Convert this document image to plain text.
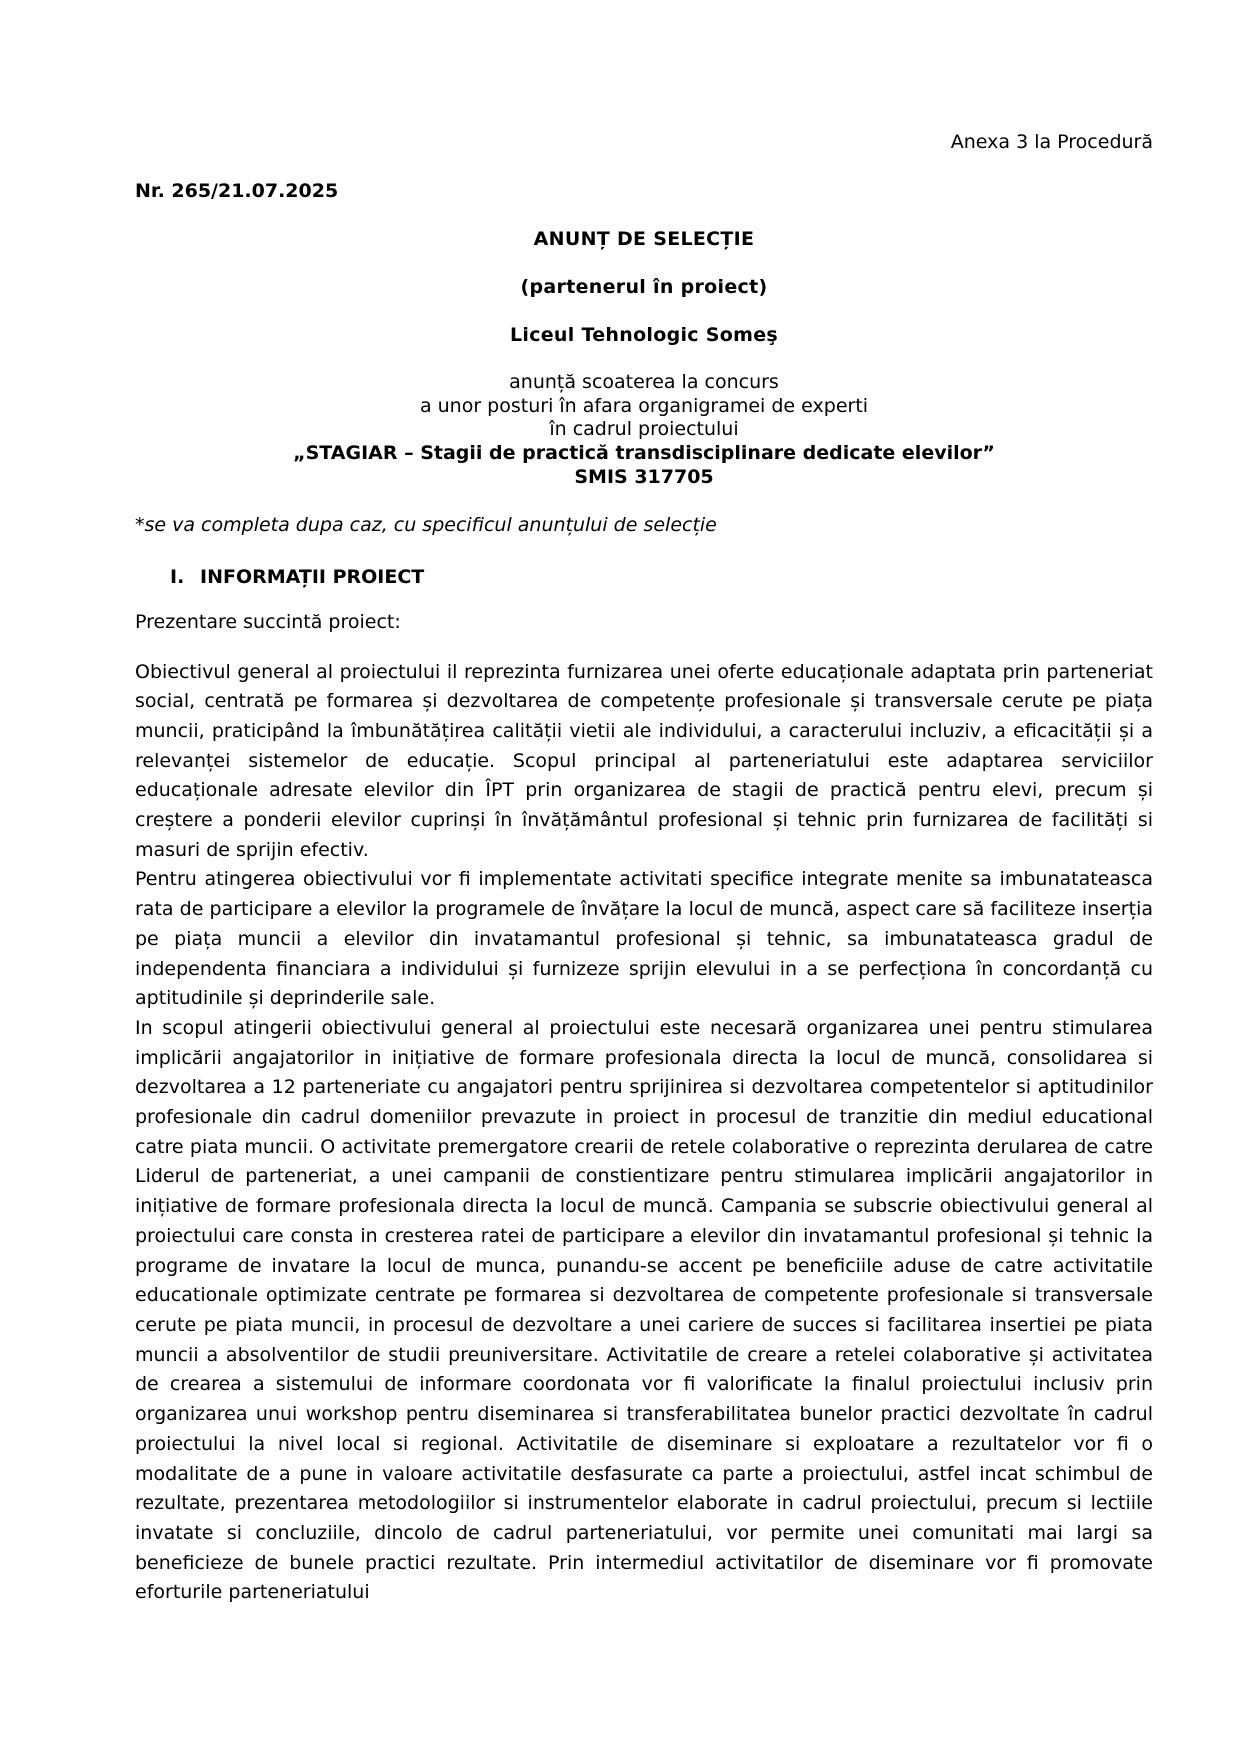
Anexa 3 la Procedură
Nr. 265/21.07.2025
ANUNȚ DE SELECȚIE
(partenerul în proiect)
Liceul Tehnologic Someş
anunță scoaterea la concurs
a unor posturi în afara organigramei de experti
în cadrul proiectului
„STAGIAR – Stagii de practică transdisciplinare dedicate elevilor”
SMIS 317705
*se va completa dupa caz, cu specificul anunțului de selecție
I. INFORMAȚII PROIECT
Prezentare succintă proiect:

Obiectivul general al proiectului il reprezinta furnizarea unei oferte educaționale adaptata prin parteneriat social, centrată pe formarea și dezvoltarea de competențe profesionale și transversale cerute pe piața muncii, praticipând la îmbunătățirea calității vietii ale individului, a caracterului incluziv, a eficacității și a relevanței sistemelor de educație. Scopul principal al parteneriatului este adaptarea serviciilor educaționale adresate elevilor din ÎPT prin organizarea de stagii de practică pentru elevi, precum și creștere a ponderii elevilor cuprinși în învățământul profesional și tehnic prin furnizarea de facilități si masuri de sprijin efectiv.

Pentru atingerea obiectivului vor fi implementate activitati specifice integrate menite sa imbunatateasca rata de participare a elevilor la programele de învățare la locul de muncă, aspect care să faciliteze inserția pe piața muncii a elevilor din invatamantul profesional și tehnic, sa imbunatateasca gradul de independenta financiara a individului și furnizeze sprijin elevului in a se perfecționa în concordanță cu aptitudinile și deprinderile sale.

In scopul atingerii obiectivului general al proiectului este necesară organizarea unei pentru stimularea implicării angajatorilor in inițiative de formare profesionala directa la locul de muncă, consolidarea si dezvoltarea a 12 parteneriate cu angajatori pentru sprijinirea si dezvoltarea competentelor si aptitudinilor profesionale din cadrul domeniilor prevazute in proiect in procesul de tranzitie din mediul educational catre piata muncii. O activitate premergatore crearii de retele colaborative o reprezinta derularea de catre Liderul de parteneriat, a unei campanii de constientizare pentru stimularea implicării angajatorilor in inițiative de formare profesionala directa la locul de muncă. Campania se subscrie obiectivului general al proiectului care consta in cresterea ratei de participare a elevilor din invatamantul profesional și tehnic la programe de invatare la locul de munca, punandu-se accent pe beneficiile aduse de catre activitatile educationale optimizate centrate pe formarea si dezvoltarea de competente profesionale si transversale cerute pe piata muncii, in procesul de dezvoltare a unei cariere de succes si facilitarea insertiei pe piata muncii a absolventilor de studii preuniversitare. Activitatile de creare a retelei colaborative și activitatea de crearea a sistemului de informare coordonata vor fi valorificate la finalul proiectului inclusiv prin organizarea unui workshop pentru diseminarea si transferabilitatea bunelor practici dezvoltate în cadrul proiectului la nivel local si regional. Activitatile de diseminare si exploatare a rezultatelor vor fi o modalitate de a pune in valoare activitatile desfasurate ca parte a proiectului, astfel incat schimbul de rezultate, prezentarea metodologiilor si instrumentelor elaborate in cadrul proiectului, precum si lectiile invatate si concluziile, dincolo de cadrul parteneriatului, vor permite unei comunitati mai largi sa beneficieze de bunele practici rezultate. Prin intermediul activitatilor de diseminare vor fi promovate eforturile parteneriatului
